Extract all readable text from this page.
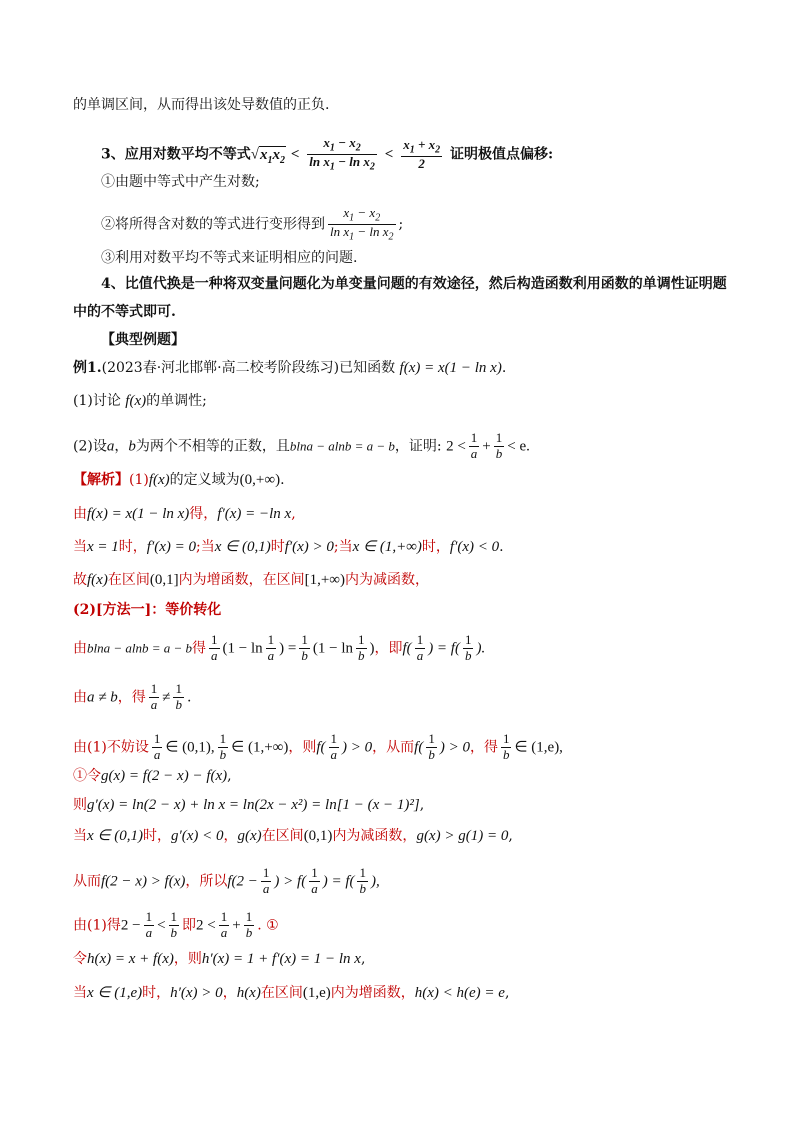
的单调区间，从而得出该处导数值的正负.
3、应用对数平均不等式$√x_1x_2 < \frac{x_1 - x_2}{\ln x_1 - \ln x_2} < \frac{x_1 + x_2}{2}$ 证明极值点偏移:
①由题中等式中产生对数;
②将所得含对数的等式进行变形得到 $\frac{x_1 - x_2}{\ln x_1 - \ln x_2}$ ;
③利用对数平均不等式来证明相应的问题.
4、比值代换是一种将双变量问题化为单变量问题的有效途径，然后构造函数利用函数的单调性证明题
中的不等式即可.
【典型例题】
例1.(2023春·河北邯郸·高二校考阶段练习)已知函数 f(x) = x(1 − ln x).
(1)讨论 f(x)的单调性;
(2)设a，b为两个不相等的正数，且blna − alnb = a − b，证明: $2 < \frac{1}{a} + \frac{1}{b} < e$.
【解析】(1)f(x)的定义域为(0,+∞).
由f(x) = x(1 − ln x)得，f′(x) = −ln x,
当x = 1时，f′(x) = 0;当x ∈ (0,1)时f′(x) > 0;当x ∈ (1,+∞)时，f′(x) < 0.
故f(x)在区间(0,1]内为增函数，在区间[1,+∞)内为减函数，
(2)[方法一]：等价转化
由blna − alnb = a − b得 $\frac{1}{a} (1 - \ln \frac{1}{a}$ ) = $\frac{1}{b} (1 - \ln \frac{1}{b}$ )，即$f( \frac{1}{a}$ ) = $f( \frac{1}{b}$ ).
由a ≠ b，得 $\frac{1}{a} \ne \frac{1}{b}$ .
由(1)不妨设 $\frac{1}{a}$ ∈ (0,1), $\frac{1}{b}$ ∈ (1,+∞)，则$f( \frac{1}{a}$ ) > 0，从而$f( \frac{1}{b}$ ) > 0，得 $\frac{1}{b}$ ∈ (1,e),
①令g(x) = f(2 − x) − f(x),
则g′(x) = ln(2 − x) + ln x = ln(2x − x²) = ln[1 − (x − 1)²],
当x ∈ (0,1)时，g′(x) < 0，g(x)在区间(0,1)内为减函数，g(x) > g(1) = 0,
从而f(2 − x) > f(x)，所以$f(2 - \frac{1}{a}$ ) > $f( \frac{1}{a}$ ) = $f( \frac{1}{b}$ ),
由(1)得$2 - \frac{1}{a} < \frac{1}{b}$ 即$2 < \frac{1}{a} + \frac{1}{b}$ . ①
令h(x) = x + f(x)，则h′(x) = 1 + f′(x) = 1 − ln x,
当x ∈ (1,e)时，h′(x) > 0，h(x)在区间(1,e)内为增函数，h(x) < h(e) = e,
